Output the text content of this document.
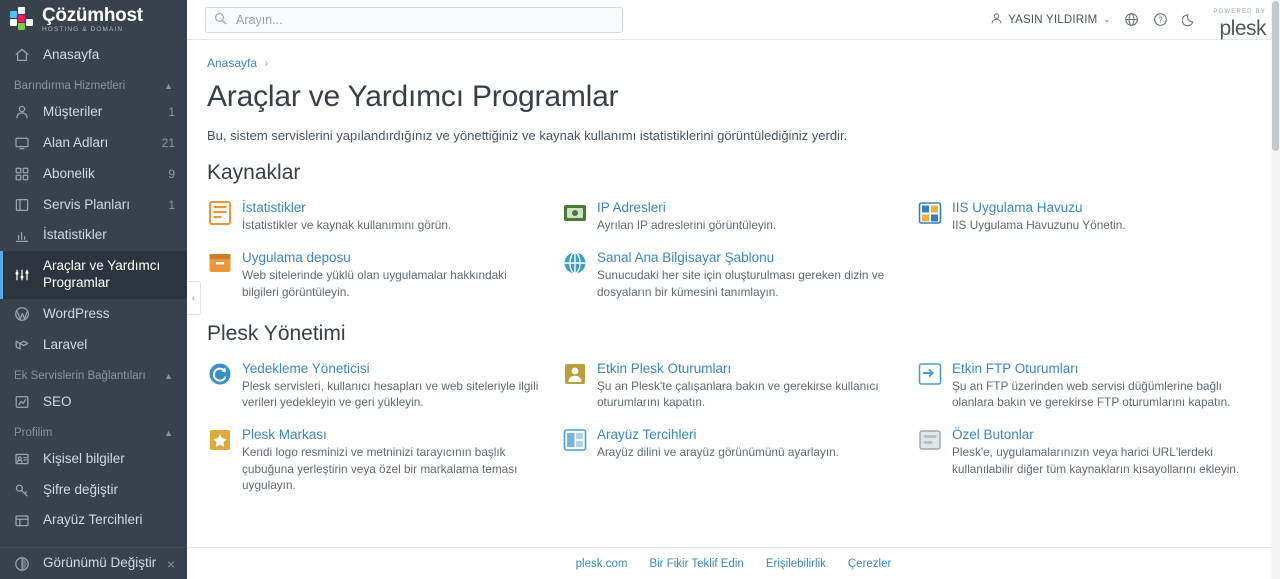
Çözümhost
HOSTING & DOMAIN
Anasayfa
Barındırma Hizmetleri	▲
Müşteriler	1
Alan Adları	21
Abonelik	9
Servis Planları	1
İstatistikler
Araçlar ve Yardımcı Programlar
WordPress
Laravel
Ek Servislerin Bağlantıları ▲
SEO
Profilim	▲
Kişisel bilgiler
Şifre değiştir
Arayüz Tercihleri
Görünümü Değiştir ×
‹
Arayın...
YASIN YILDIRIM ⌄	?
POWERED BY
plesk
Anasayfa ›
Araçlar ve Yardımcı Programlar
Bu, sistem servislerini yapılandırdığınız ve yönettiğiniz ve kaynak kullanımı istatistiklerini görüntülediğiniz yerdir.
Kaynaklar
İstatistikler
İstatistikler ve kaynak kullanımını görün.
IP Adresleri
Ayrılan IP adreslerini görüntüleyin.
IIS Uygulama Havuzu
IIS Uygulama Havuzunu Yönetin.
Uygulama deposu
Web sitelerinde yüklü olan uygulamalar hakkındaki bilgileri görüntüleyin.
Sanal Ana Bilgisayar Şablonu
Sunucudaki her site için oluşturulması gereken dizin ve dosyaların bir kümesini tanımlayın.
Plesk Yönetimi
Yedekleme Yöneticisi
Plesk servisleri, kullanıcı hesapları ve web siteleriyle ilgili verileri yedekleyin ve geri yükleyin.
Etkin Plesk Oturumları
Şu an Plesk'te çalışanlara bakın ve gerekirse kullanıcı oturumlarını kapatın.
Etkin FTP Oturumları
Şu an FTP üzerinden web servisi düğümlerine bağlı olanlara bakın ve gerekirse FTP oturumlarını kapatın.
Plesk Markası
Kendi logo resminizi ve metninizi tarayıcının başlık çubuğuna yerleştirin veya özel bir markalama teması uygulayın.
Arayüz Tercihleri
Arayüz dilini ve arayüz görünümünü ayarlayın.
Özel Butonlar
Plesk'e, uygulamalarınızın veya harici URL'lerdeki kullanılabilir diğer tüm kaynakların kısayollarını ekleyin.
plesk.com Bir Fikir Teklif Edin Erişilebilirlik Çerezler
